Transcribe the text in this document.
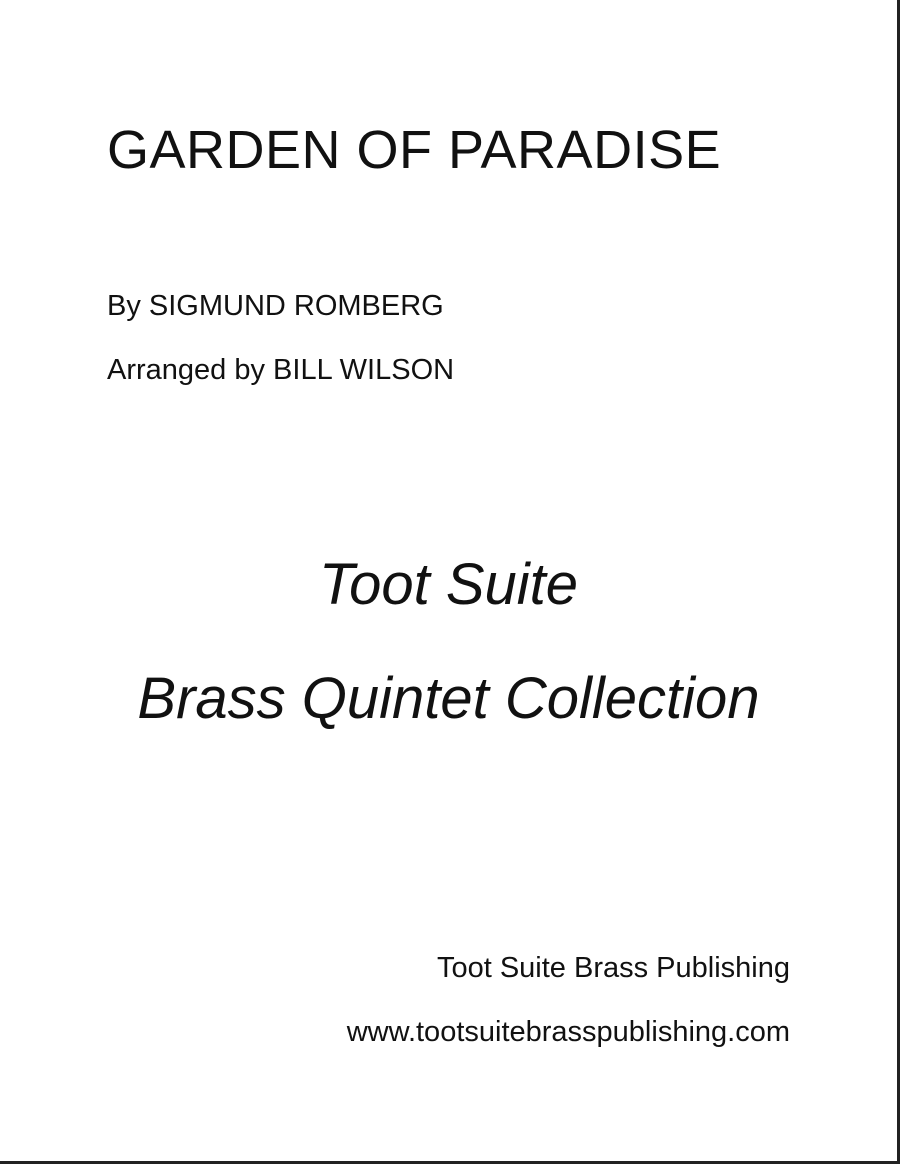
GARDEN OF PARADISE
By SIGMUND ROMBERG
Arranged by BILL WILSON
Toot Suite
Brass Quintet Collection
Toot Suite Brass Publishing
www.tootsuitebrasspublishing.com
